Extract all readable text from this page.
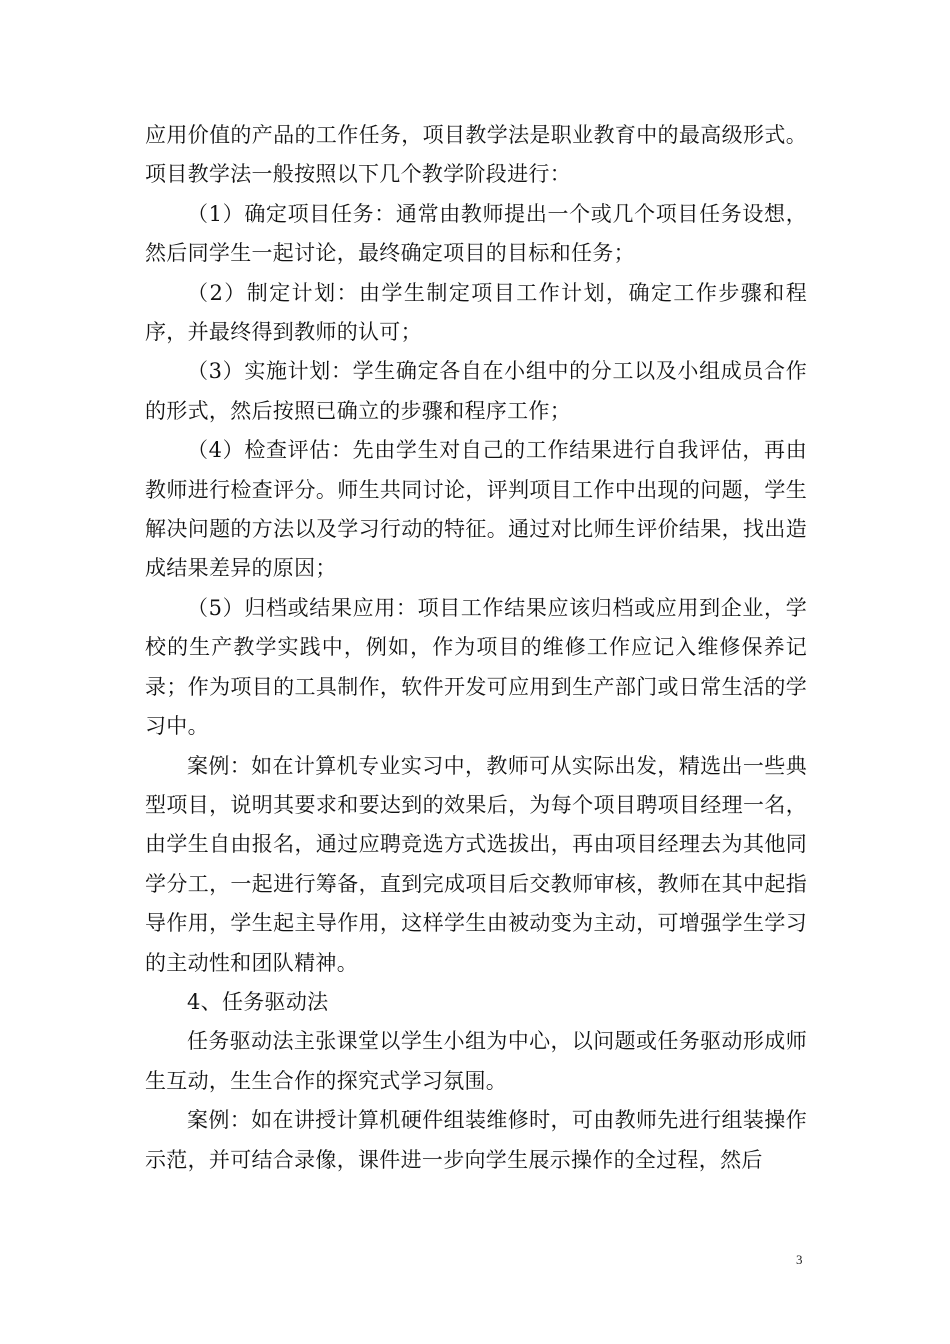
应用价值的产品的工作任务，项目教学法是职业教育中的最高级形式。项目教学法一般按照以下几个教学阶段进行：

（1）确定项目任务：通常由教师提出一个或几个项目任务设想，然后同学生一起讨论，最终确定项目的目标和任务；

（2）制定计划：由学生制定项目工作计划，确定工作步骤和程序，并最终得到教师的认可；

（3）实施计划：学生确定各自在小组中的分工以及小组成员合作的形式，然后按照已确立的步骤和程序工作；

（4）检查评估：先由学生对自己的工作结果进行自我评估，再由教师进行检查评分。师生共同讨论，评判项目工作中出现的问题，学生解决问题的方法以及学习行动的特征。通过对比师生评价结果，找出造成结果差异的原因；

（5）归档或结果应用：项目工作结果应该归档或应用到企业，学校的生产教学实践中，例如，作为项目的维修工作应记入维修保养记录；作为项目的工具制作，软件开发可应用到生产部门或日常生活的学习中。

案例：如在计算机专业实习中，教师可从实际出发，精选出一些典型项目，说明其要求和要达到的效果后，为每个项目聘项目经理一名，由学生自由报名，通过应聘竞选方式选拔出，再由项目经理去为其他同学分工，一起进行筹备，直到完成项目后交教师审核，教师在其中起指导作用，学生起主导作用，这样学生由被动变为主动，可增强学生学习的主动性和团队精神。

4、任务驱动法

任务驱动法主张课堂以学生小组为中心，以问题或任务驱动形成师生互动，生生合作的探究式学习氛围。

案例：如在讲授计算机硬件组装维修时，可由教师先进行组装操作示范，并可结合录像，课件进一步向学生展示操作的全过程，然后

3
